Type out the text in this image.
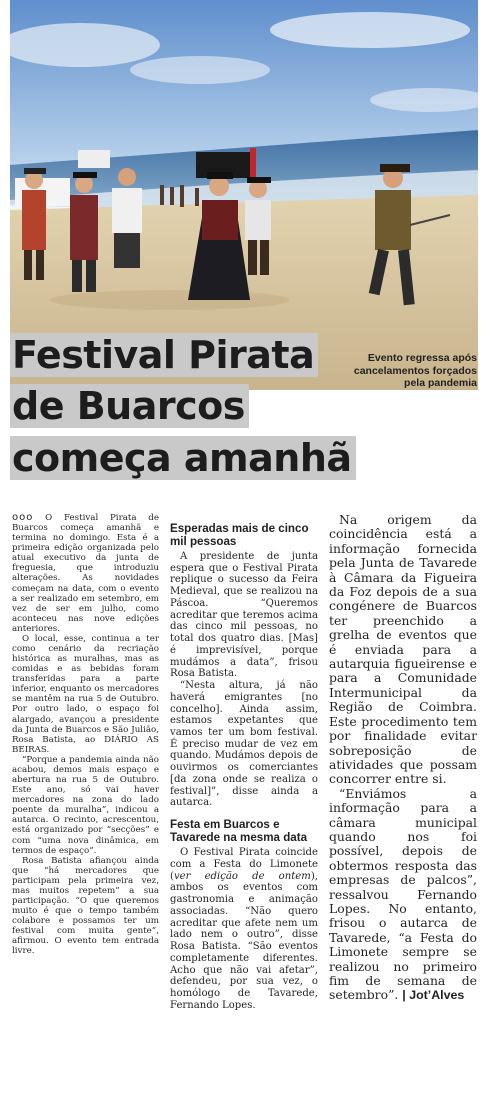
Evento regressa após cancelamentos forçados pela pandemia
Festival Pirata
de Buarcos
começa amanhã

ooo O Festival Pirata de Buarcos começa amanhã e termina no domingo. Esta é a primeira edição organizada pelo atual executivo da junta de freguesia, que introduziu alterações. As novidades começam na data, com o evento a ser realizado em setembro, em vez de ser em julho, como aconteceu nas nove edições anteriores.

O local, esse, continua a ter como cenário da recriação histórica as muralhas, mas as comidas e as bebidas foram transferidas para a parte inferior, enquanto os mercadores se mantêm na rua 5 de Outubro. Por outro lado, o espaço foi alargado, avançou a presidente da Junta de Buarcos e São Julião, Rosa Batista, ao DIÁRIO AS BEIRAS.

“Porque a pandemia ainda não acabou, demos mais espaço e abertura na rua 5 de Outubro. Este ano, só vai haver mercadores na zona do lado poente da muralha”, indicou a autarca. O recinto, acrescentou, está organizado por “secções” e com “uma nova dinâmica, em termos de espaço”.

Rosa Batista afiançou ainda que “há mercadores que participam pela primeira vez, mas muitos repetem” a sua participação. “O que queremos muito é que o tempo também colabore e possamos ter um festival com muita gente”, afirmou. O evento tem entrada livre.

Esperadas mais de cinco mil pessoas

A presidente de junta espera que o Festival Pirata replique o sucesso da Feira Medieval, que se realizou na Páscoa. “Queremos acreditar que teremos acima das cinco mil pessoas, no total dos quatro dias. [Mas] é imprevisível, porque mudámos a data”, frisou Rosa Batista.

“Nesta altura, já não haverá emigrantes [no concelho]. Ainda assim, estamos expetantes que vamos ter um bom festival. É preciso mudar de vez em quando. Mudámos depois de ouvirmos os comerciantes [da zona onde se realiza o festival]”, disse ainda a autarca.

Festa em Buarcos e Tavarede na mesma data

O Festival Pirata coincide com a Festa do Limonete (ver edição de ontem), ambos os eventos com gastronomia e animação associadas. “Não quero acreditar que afete nem um lado nem o outro”, disse Rosa Batista. “São eventos completamente diferentes. Acho que não vai afetar”, defendeu, por sua vez, o homólogo de Tavarede, Fernando Lopes.

Na origem da coincidência está a informação fornecida pela Junta de Tavarede à Câmara da Figueira da Foz depois de a sua congénere de Buarcos ter preenchido a grelha de eventos que é enviada para a autarquia figueirense e para a Comunidade Intermunicipal da Região de Coimbra. Este procedimento tem por finalidade evitar sobreposição de atividades que possam concorrer entre si.

“Enviámos a informação para a câmara municipal quando nos foi possível, depois de obtermos resposta das empresas de palcos”, ressalvou Fernando Lopes. No entanto, frisou o autarca de Tavarede, “a Festa do Limonete sempre se realizou no primeiro fim de semana de setembro”. | Jot’Alves
